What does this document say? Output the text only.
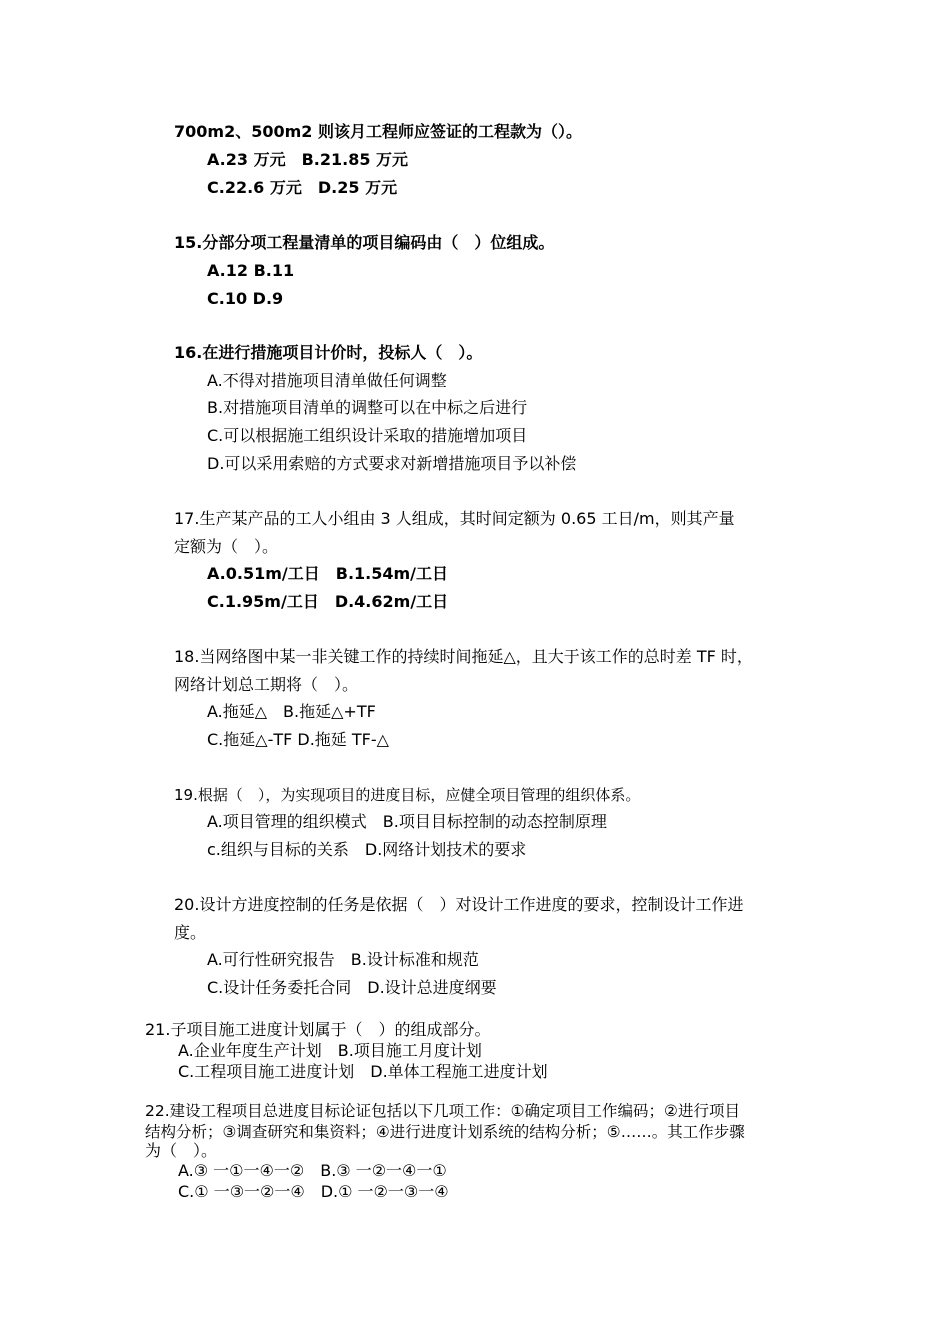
700m2、500m2 则该月工程师应签证的工程款为（）。
A.23 万元　B.21.85 万元
C.22.6 万元　D.25 万元
15.分部分项工程量清单的项目编码由（　）位组成。
A.12 B.11
C.10 D.9
16.在进行措施项目计价时，投标人（　）。
A.不得对措施项目清单做任何调整
B.对措施项目清单的调整可以在中标之后进行
C.可以根据施工组织设计采取的措施增加项目
D.可以采用索赔的方式要求对新增措施项目予以补偿
17.生产某产品的工人小组由 3 人组成，其时间定额为 0.65 工日/m，则其产量
定额为（　）。
A.0.51m/工日　B.1.54m/工日
C.1.95m/工日　D.4.62m/工日
18.当网络图中某一非关键工作的持续时间拖延△，且大于该工作的总时差 TF 时，
网络计划总工期将（　）。
A.拖延△　B.拖延△+TF
C.拖延△-TF D.拖延 TF-△
19.根据（　），为实现项目的进度目标，应健全项目管理的组织体系。
A.项目管理的组织模式　B.项目目标控制的动态控制原理
c.组织与目标的关系　D.网络计划技术的要求
20.设计方进度控制的任务是依据（　）对设计工作进度的要求，控制设计工作进
度。
A.可行性研究报告　B.设计标准和规范
C.设计任务委托合同　D.设计总进度纲要
21.子项目施工进度计划属于（　）的组成部分。
A.企业年度生产计划　B.项目施工月度计划
C.工程项目施工进度计划　D.单体工程施工进度计划
22.建设工程项目总进度目标论证包括以下几项工作：①确定项目工作编码；②进行项目
结构分析；③调查研究和集资料；④进行进度计划系统的结构分析；⑤……。其工作步骤
为（　）。
A.③ 一①一④一②　B.③ 一②一④一①
C.① 一③一②一④　D.① 一②一③一④
